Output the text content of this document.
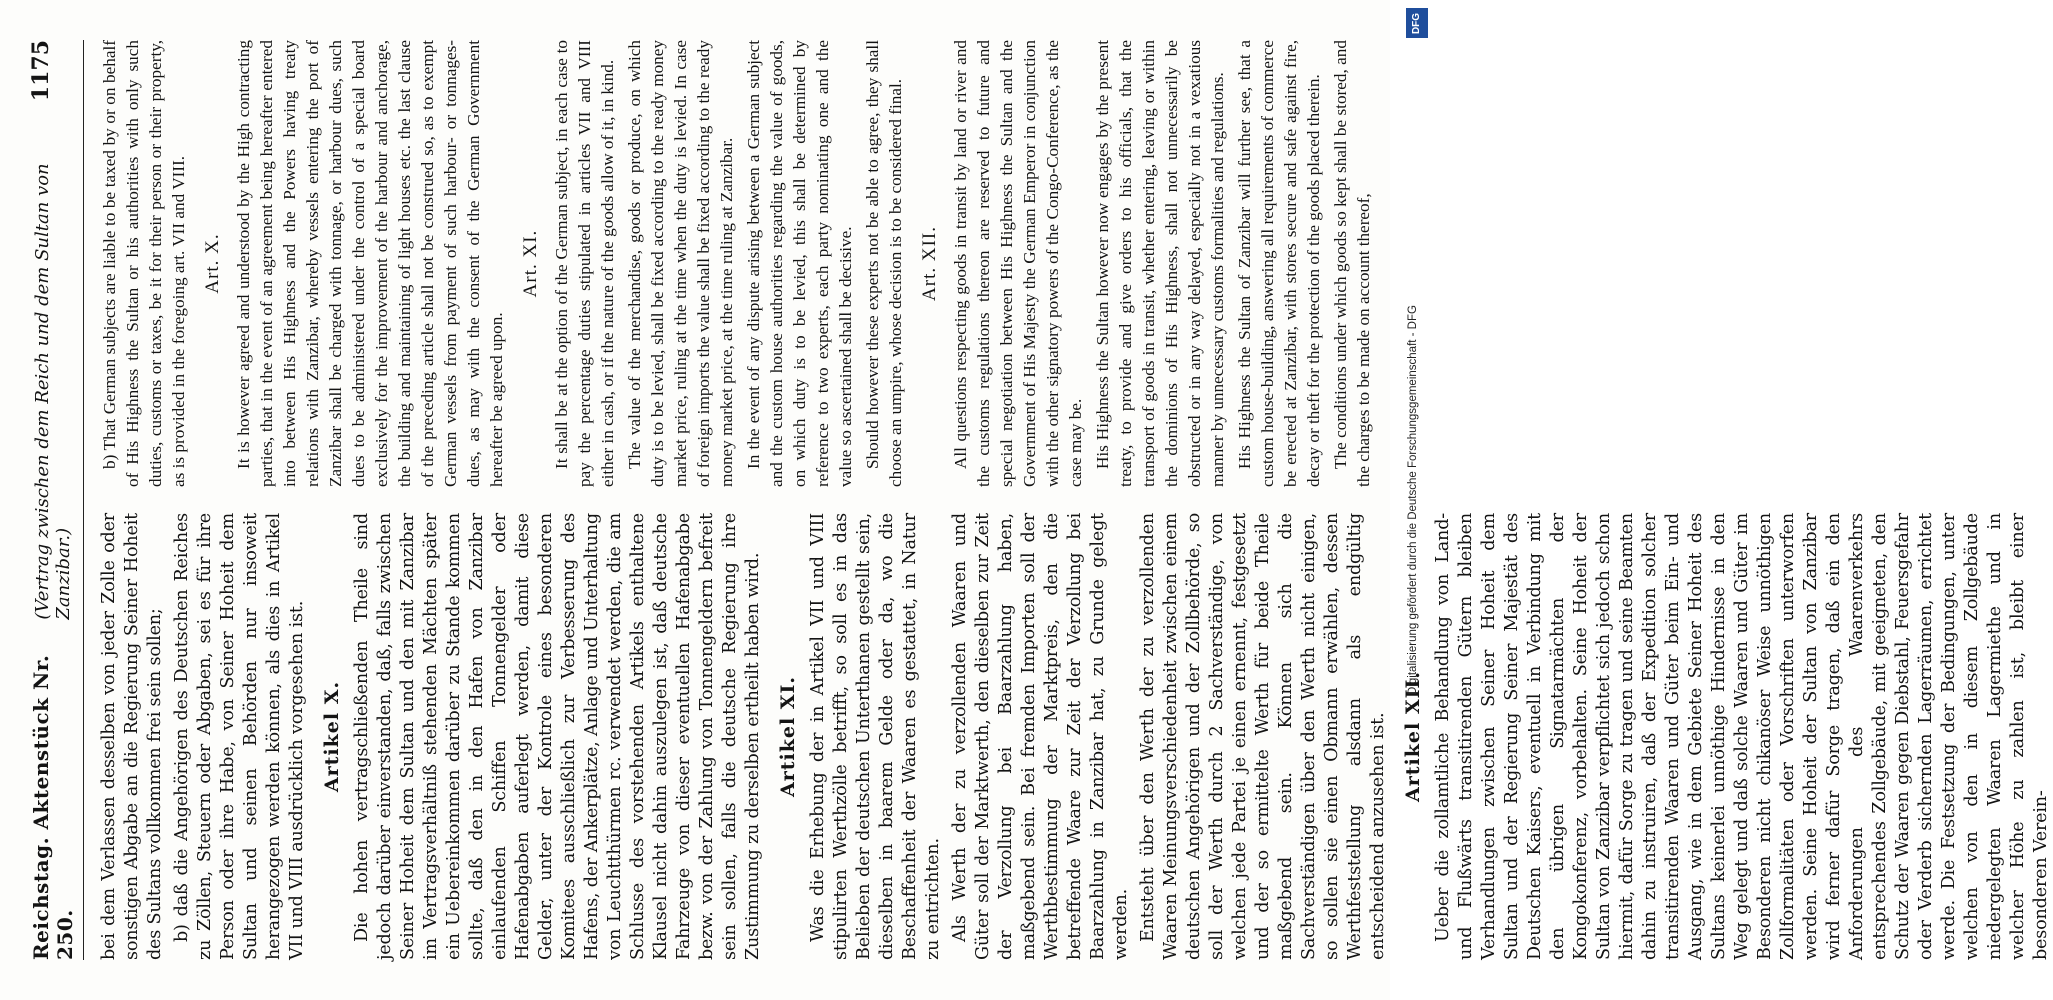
Reichstag. Aktenstück Nr. 250.
(Vertrag zwischen dem Reich und dem Sultan von Zanzibar.)
1175

bei dem Verlassen desselben von jeder Zolle oder sonstigen Abgabe an die Regierung Seiner Hoheit des Sultans vollkommen frei sein sollen; b) daß die Angehörigen des Deutschen Reiches zu Zöllen, Steuern oder Abgaben, sei es für ihre Person oder ihre Habe, von Seiner Hoheit dem Sultan und seinen Behörden nur insoweit herangezogen werden können, als dies in Artikel VII und VIII ausdrücklich vorgesehen ist. Artikel X. Die hohen vertragschließenden Theile sind jedoch darüber einverstanden, daß, falls zwischen Seiner Hoheit dem Sultan und den mit Zanzibar im Vertragsverhältniß stehenden Mächten später ein Uebereinkommen darüber zu Stande kommen sollte, daß den in den Hafen von Zanzibar einlaufenden Schiffen Tonnengelder oder Hafenabgaben auferlegt werden, damit diese Gelder, unter der Kontrole eines besonderen Komitees ausschließlich zur Verbesserung des Hafens, der Ankerplätze, Anlage und Unterhaltung von Leuchtthürmen rc. verwendet werden, die am Schlusse des vorstehenden Artikels enthaltene Klausel nicht dahin auszulegen ist, daß deutsche Fahrzeuge von dieser eventuellen Hafenabgabe bezw. von der Zahlung von Tonnengeldern befreit sein sollen, falls die deutsche Regierung ihre Zustimmung zu derselben ertheilt haben wird. Artikel XI. Was die Erhebung der in Artikel VII und VIII stipulirten Werthzölle betrifft, so soll es in das Belieben der deutschen Unterthanen gestellt sein, dieselben in baarem Gelde oder da, wo die Beschaffenheit der Waaren es gestattet, in Natur zu entrichten. Als Werth der zu verzollenden Waaren und Güter soll der Marktwerth, den dieselben zur Zeit der Verzollung bei Baarzahlung haben, maßgebend sein. Bei fremden Importen soll der Werthbestimmung der Marktpreis, den die betreffende Waare zur Zeit der Verzollung bei Baarzahlung in Zanzibar hat, zu Grunde gelegt werden. Entsteht über den Werth der zu verzollenden Waaren Meinungsverschiedenheit zwischen einem deutschen Angehörigen und der Zollbehörde, so soll der Werth durch 2 Sachverständige, von welchen jede Partei je einen ernennt, festgesetzt und der so ermittelte Werth für beide Theile maßgebend sein. Können sich die Sachverständigen über den Werth nicht einigen, so sollen sie einen Obmann erwählen, dessen Werthfeststellung alsdann als endgültig entscheidend anzusehen ist. Artikel XII. Ueber die zollamtliche Behandlung von Land- und Flußwärts transitirenden Gütern bleiben Verhandlungen zwischen Seiner Hoheit dem Sultan und der Regierung Seiner Majestät des Deutschen Kaisers, eventuell in Verbindung mit den übrigen Signatarmächten der Kongokonferenz, vorbehalten. Seine Hoheit der Sultan von Zanzibar verpflichtet sich jedoch schon hiermit, dafür Sorge zu tragen und seine Beamten dahin zu instruiren, daß der Expedition solcher transitirenden Waaren und Güter beim Ein- und Ausgang, wie in dem Gebiete Seiner Hoheit des Sultans keinerlei unnöthige Hindernisse in den Weg gelegt und daß solche Waaren und Güter im Besonderen nicht chikanöser Weise unnöthigen Zollformalitäten oder Vorschriften unterworfen werden. Seine Hoheit der Sultan von Zanzibar wird ferner dafür Sorge tragen, daß ein den Anforderungen des Waarenverkehrs entsprechendes Zollgebäude, mit geeigneten, den Schutz der Waaren gegen Diebstahl, Feuersgefahr oder Verderb sichernden Lagerräumen, errichtet werde. Die Festsetzung der Bedingungen, unter welchen von den in diesem Zollgebäude niedergelegten Waaren Lagermiethe und in welcher Höhe zu zahlen ist, bleibt einer besonderen Verein-

b) That German subjects are liable to be taxed by or on behalf of His Highness the Sultan or his authorities with only such duties, customs or taxes, be it for their person or their property, as is provided in the foregoing art. VII and VIII. Art. X. It is however agreed and understood by the High contracting parties, that in the event of an agreement being hereafter entered into between His Highness and the Powers having treaty relations with Zanzibar, whereby vessels entering the port of Zanzibar shall be charged with tonnage, or harbour dues, such dues to be administered under the control of a special board exclusively for the improvement of the harbour and anchorage, the building and maintaining of light houses etc. the last clause of the preceding article shall not be construed so, as to exempt German vessels from payment of such harbour- or tonnages-dues, as may with the consent of the German Government hereafter be agreed upon.

Art. XI. It shall be at the option of the German subject, in each case to pay the percentage duties stipulated in articles VII and VIII either in cash, or if the nature of the goods allow of it, in kind. The value of the merchandise, goods or produce, on which duty is to be levied, shall be fixed according to the ready money market price, ruling at the time when the duty is levied. In case of foreign imports the value shall be fixed according to the ready money market price, at the time ruling at Zanzibar. In the event of any dispute arising between a German subject and the custom house authorities regarding the value of goods, on which duty is to be levied, this shall be determined by reference to two experts, each party nominating one and the value so ascertained shall be decisive. Should however these experts not be able to agree, they shall choose an umpire, whose decision is to be considered final. Art. XII. All questions respecting goods in transit by land or river and the customs regulations thereon are reserved to future and special negotiation between His Highness the Sultan and the Government of His Majesty the German Emperor in conjunction with the other signatory powers of the Congo-Conference, as the case may be. His Highness the Sultan however now engages by the present treaty, to provide and give orders to his officials, that the transport of goods in transit, whether entering, leaving or within the dominions of His Highness, shall not unnecessarily be obstructed or in any way delayed, especially not in a vexatious manner by unnecessary customs formalities and regulations. His Highness the Sultan of Zanzibar will further see, that a custom house-building, answering all requirements of commerce be erected at Zanzibar, with stores secure and safe against fire, decay or theft for the protection of the goods placed therein. The conditions under which goods so kept shall be stored, and the charges to be made on account thereof,	Digitalisierung gefördert durch die Deutsche Forschungsgemeinschaft - DFG
DFG
